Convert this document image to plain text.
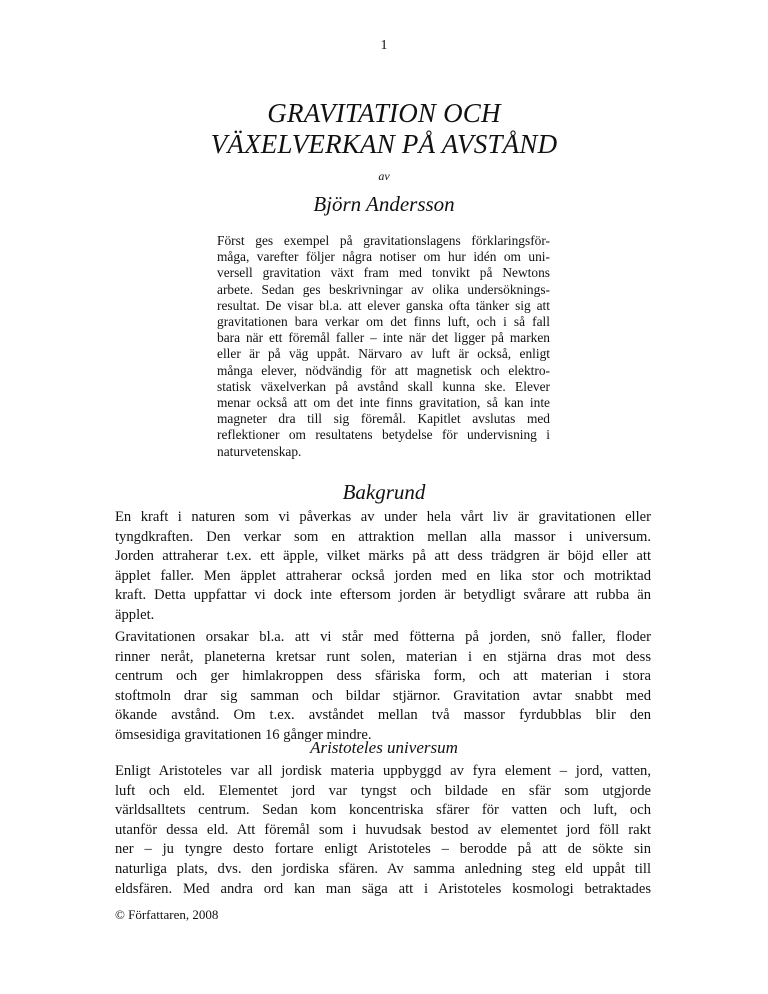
1
GRAVITATION OCH
VÄXELVERKAN PÅ AVSTÅND
av
Björn Andersson
Först ges exempel på gravitationslagens förklaringsför-
måga, varefter följer några notiser om hur idén om uni-
versell gravitation växt fram med tonvikt på Newtons
arbete. Sedan ges beskrivningar av olika undersöknings-
resultat. De visar bl.a. att elever ganska ofta tänker sig att
gravitationen bara verkar om det finns luft, och i så fall
bara när ett föremål faller – inte när det ligger på marken
eller är på väg uppåt. Närvaro av luft är också, enligt
många elever, nödvändig för att magnetisk och elektro-
statisk växelverkan på avstånd skall kunna ske. Elever
menar också att om det inte finns gravitation, så kan inte
magneter dra till sig föremål. Kapitlet avslutas med
reflektioner om resultatens betydelse för undervisning i
naturvetenskap.
Bakgrund
En kraft i naturen som vi påverkas av under hela vårt liv är gravitationen eller
tyngdkraften. Den verkar som en attraktion mellan alla massor i universum.
Jorden attraherar t.ex. ett äpple, vilket märks på att dess trädgren är böjd eller att
äpplet faller. Men äpplet attraherar också jorden med en lika stor och motriktad
kraft. Detta uppfattar vi dock inte eftersom jorden är betydligt svårare att rubba än
äpplet.
Gravitationen orsakar bl.a. att vi står med fötterna på jorden, snö faller, floder
rinner neråt, planeterna kretsar runt solen, materian i en stjärna dras mot dess
centrum och ger himlakroppen dess sfäriska form, och att materian i stora
stoftmoln drar sig samman och bildar stjärnor. Gravitation avtar snabbt med
ökande avstånd. Om t.ex. avståndet mellan två massor fyrdubblas blir den
ömsesidiga gravitationen 16 gånger mindre.
Aristoteles universum
Enligt Aristoteles var all jordisk materia uppbyggd av fyra element – jord, vatten,
luft och eld. Elementet jord var tyngst och bildade en sfär som utgjorde
världsalltets centrum. Sedan kom koncentriska sfärer för vatten och luft, och
utanför dessa eld. Att föremål som i huvudsak bestod av elementet jord föll rakt
ner – ju tyngre desto fortare enligt Aristoteles – berodde på att de sökte sin
naturliga plats, dvs. den jordiska sfären. Av samma anledning steg eld uppåt till
eldsfären. Med andra ord kan man säga att i Aristoteles kosmologi betraktades
© Författaren, 2008
